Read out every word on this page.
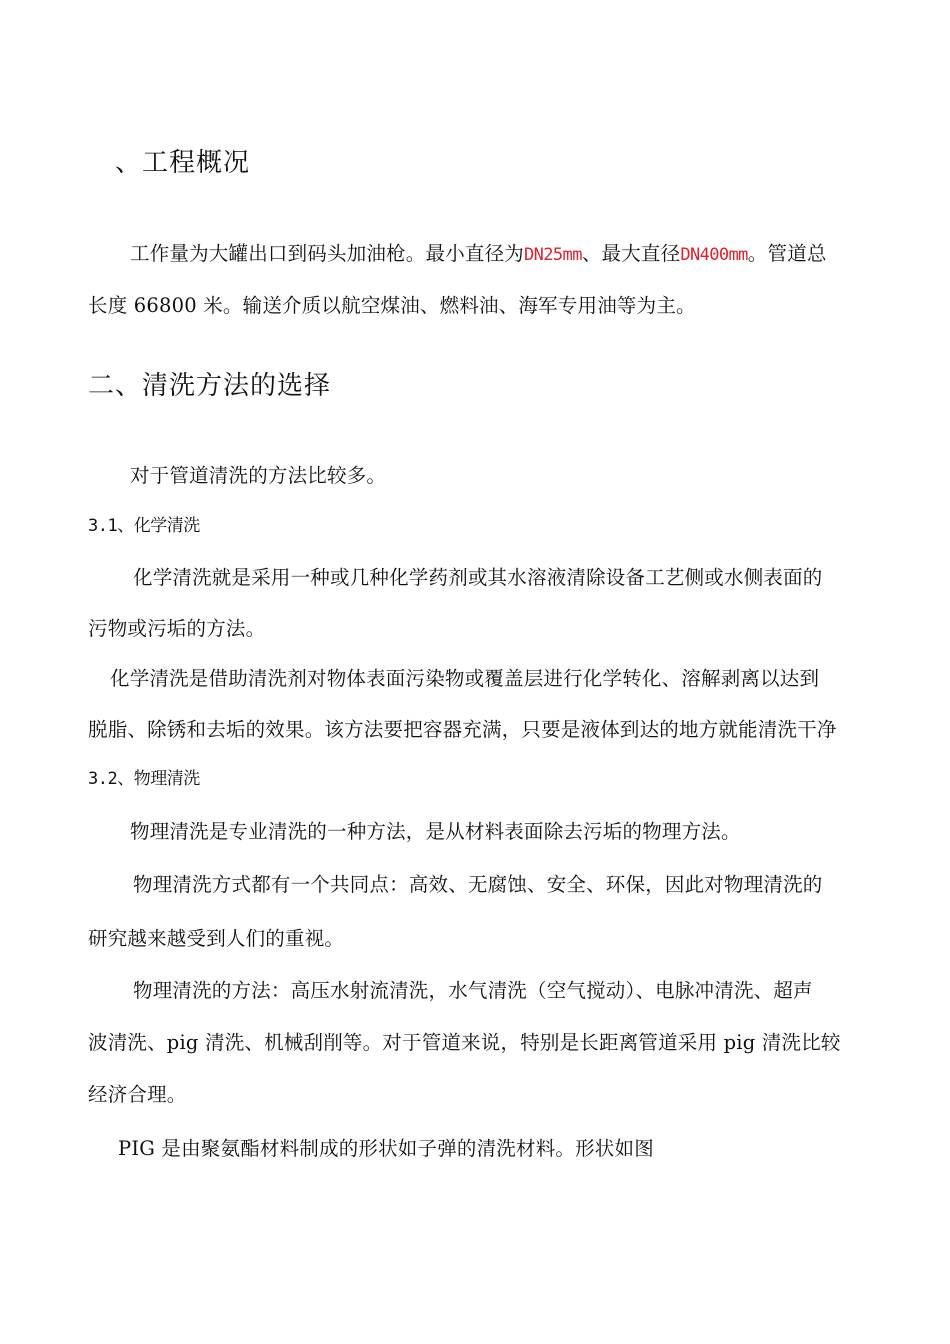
、工程概况
工作量为大罐出口到码头加油枪。最小直径为DN25mm、最大直径DN400mm。管道总
长度 66800 米。输送介质以航空煤油、燃料油、海军专用油等为主。
二、清洗方法的选择
对于管道清洗的方法比较多。
3.1、化学清洗
化学清洗就是采用一种或几种化学药剂或其水溶液清除设备工艺侧或水侧表面的
污物或污垢的方法。
化学清洗是借助清洗剂对物体表面污染物或覆盖层进行化学转化、溶解剥离以达到
脱脂、除锈和去垢的效果。该方法要把容器充满，只要是液体到达的地方就能清洗干净
3.2、物理清洗
物理清洗是专业清洗的一种方法，是从材料表面除去污垢的物理方法。
物理清洗方式都有一个共同点：高效、无腐蚀、安全、环保，因此对物理清洗的
研究越来越受到人们的重视。
物理清洗的方法：高压水射流清洗，水气清洗（空气搅动）、电脉冲清洗、超声
波清洗、pig 清洗、机械刮削等。对于管道来说，特别是长距离管道采用 pig 清洗比较
经济合理。
PIG 是由聚氨酯材料制成的形状如子弹的清洗材料。形状如图
